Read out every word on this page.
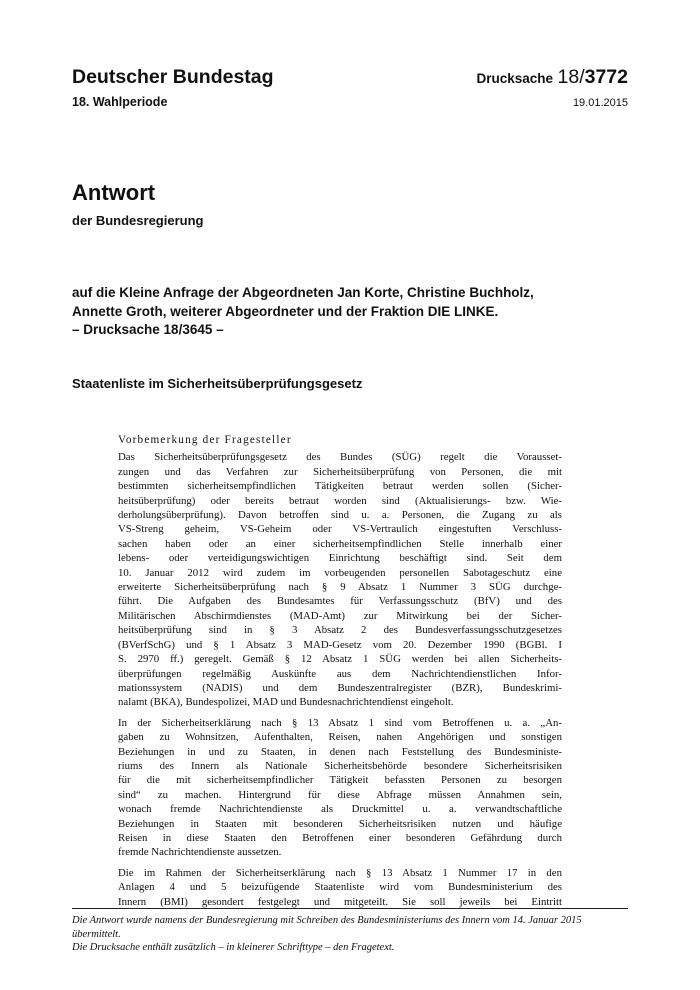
Deutscher Bundestag
18. Wahlperiode
Drucksache 18/3772
19.01.2015
Antwort
der Bundesregierung
auf die Kleine Anfrage der Abgeordneten Jan Korte, Christine Buchholz,
Annette Groth, weiterer Abgeordneter und der Fraktion DIE LINKE.
– Drucksache 18/3645 –
Staatenliste im Sicherheitsüberprüfungsgesetz
Vorbemerkung der Fragesteller

Das Sicherheitsüberprüfungsgesetz des Bundes (SÜG) regelt die Vorausset-
zungen und das Verfahren zur Sicherheitsüberprüfung von Personen, die mit
bestimmten sicherheitsempfindlichen Tätigkeiten betraut werden sollen (Sicher-
heitsüberprüfung) oder bereits betraut worden sind (Aktualisierungs- bzw. Wie-
derholungsüberprüfung). Davon betroffen sind u. a. Personen, die Zugang zu als
VS-Streng geheim, VS-Geheim oder VS-Vertraulich eingestuften Verschluss-
sachen haben oder an einer sicherheitsempfindlichen Stelle innerhalb einer
lebens- oder verteidigungswichtigen Einrichtung beschäftigt sind. Seit dem
10. Januar 2012 wird zudem im vorbeugenden personellen Sabotageschutz eine
erweiterte Sicherheitsüberprüfung nach § 9 Absatz 1 Nummer 3 SÜG durchge-
führt. Die Aufgaben des Bundesamtes für Verfassungsschutz (BfV) und des
Militärischen Abschirmdienstes (MAD-Amt) zur Mitwirkung bei der Sicher-
heitsüberprüfung sind in § 3 Absatz 2 des Bundesverfassungsschutzgesetzes
(BVerfSchG) und § 1 Absatz 3 MAD-Gesetz vom 20. Dezember 1990 (BGBl. I
S. 2970 ff.) geregelt. Gemäß § 12 Absatz 1 SÜG werden bei allen Sicherheits-
überprüfungen regelmäßig Auskünfte aus dem Nachrichtendienstlichen Infor-
mationssystem (NADIS) und dem Bundeszentralregister (BZR), Bundeskrimi-
nalamt (BKA), Bundespolizei, MAD und Bundesnachrichtendienst eingeholt.

In der Sicherheitserklärung nach § 13 Absatz 1 sind vom Betroffenen u. a. „An-
gaben zu Wohnsitzen, Aufenthalten, Reisen, nahen Angehörigen und sonstigen
Beziehungen in und zu Staaten, in denen nach Feststellung des Bundesministe-
riums des Innern als Nationale Sicherheitsbehörde besondere Sicherheitsrisiken
für die mit sicherheitsempfindlicher Tätigkeit befassten Personen zu besorgen
sind“ zu machen. Hintergrund für diese Abfrage müssen Annahmen sein,
wonach fremde Nachrichtendienste als Druckmittel u. a. verwandtschaftliche
Beziehungen in Staaten mit besonderen Sicherheitsrisiken nutzen und häufige
Reisen in diese Staaten den Betroffenen einer besonderen Gefährdung durch
fremde Nachrichtendienste aussetzen.

Die im Rahmen der Sicherheitserklärung nach § 13 Absatz 1 Nummer 17 in den
Anlagen 4 und 5 beizufügende Staatenliste wird vom Bundesministerium des
Innern (BMI) gesondert festgelegt und mitgeteilt. Sie soll jeweils bei Eintritt

Die Antwort wurde namens der Bundesregierung mit Schreiben des Bundesministeriums des Innern vom 14. Januar 2015
übermittelt.
Die Drucksache enthält zusätzlich – in kleinerer Schrifttype – den Fragetext.
